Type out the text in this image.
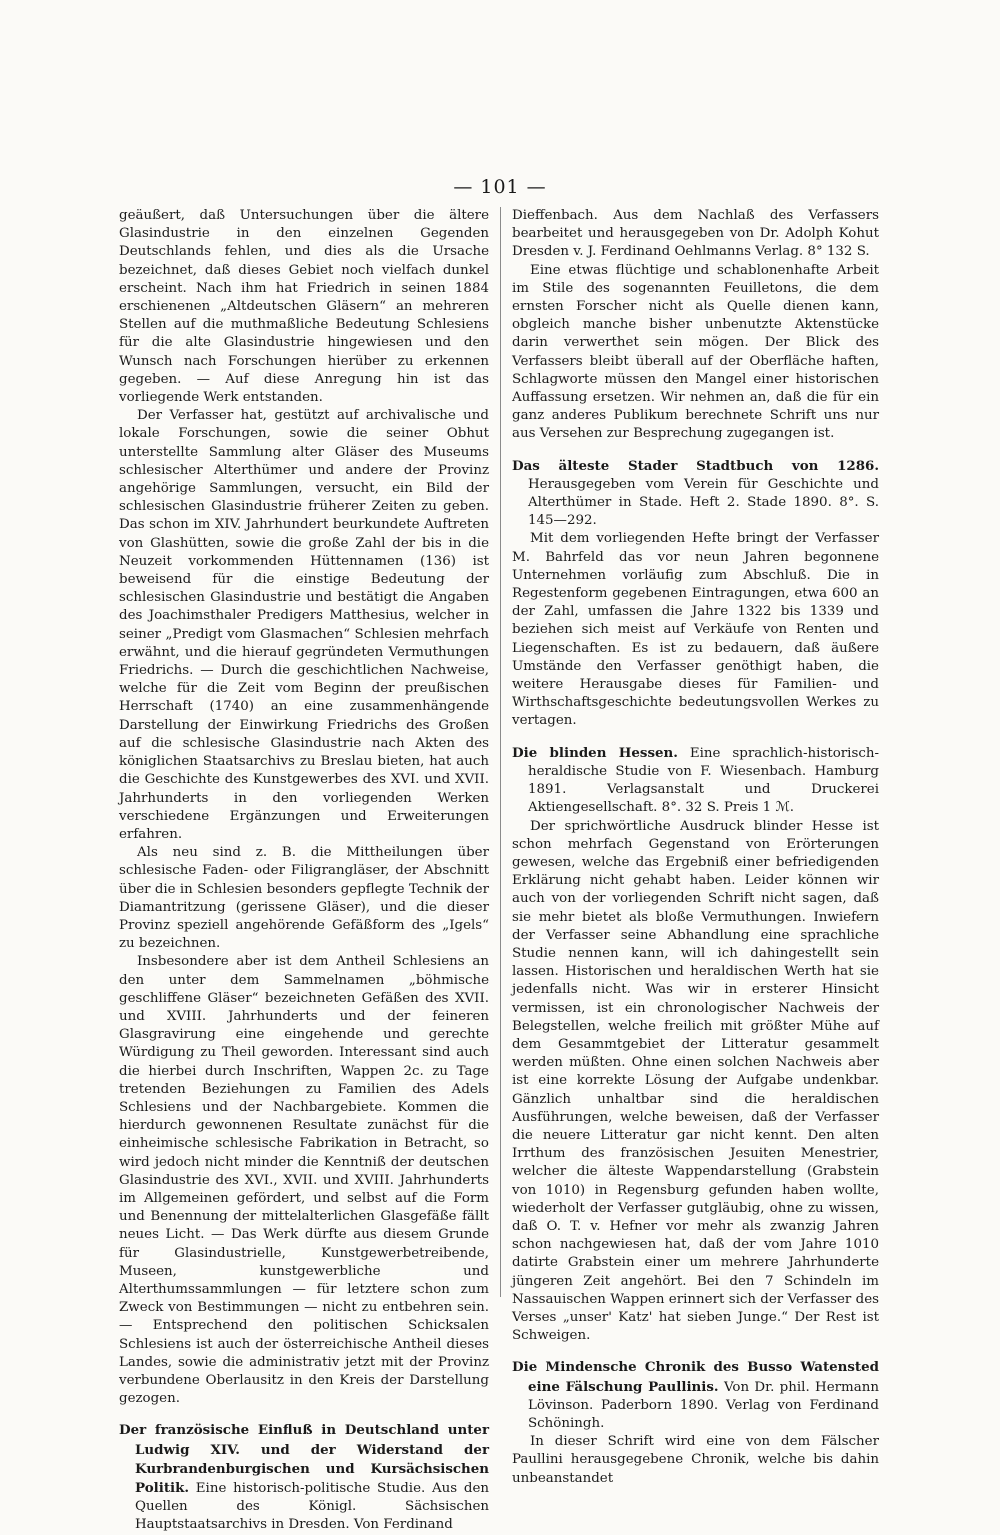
— 101 —

geäußert, daß Untersuchungen über die ältere Glasindustrie in den einzelnen Gegenden Deutschlands fehlen, und dies als die Ursache bezeichnet, daß dieses Gebiet noch vielfach dunkel erscheint. Nach ihm hat Friedrich in seinen 1884 erschienenen „Altdeutschen Gläsern“ an mehreren Stellen auf die muthmaßliche Bedeutung Schlesiens für die alte Glasindustrie hingewiesen und den Wunsch nach Forschungen hierüber zu erkennen gegeben. — Auf diese Anregung hin ist das vorliegende Werk entstanden.

Der Verfasser hat, gestützt auf archivalische und lokale Forschungen, sowie die seiner Obhut unterstellte Sammlung alter Gläser des Museums schlesischer Alterthümer und andere der Provinz angehörige Sammlungen, versucht, ein Bild der schlesischen Glasindustrie früherer Zeiten zu geben. Das schon im XIV. Jahrhundert beurkundete Auftreten von Glashütten, sowie die große Zahl der bis in die Neuzeit vorkommenden Hüttennamen (136) ist beweisend für die einstige Bedeutung der schlesischen Glasindustrie und bestätigt die Angaben des Joachimsthaler Predigers Matthesius, welcher in seiner „Predigt vom Glasmachen“ Schlesien mehrfach erwähnt, und die hierauf gegründeten Vermuthungen Friedrichs. — Durch die geschichtlichen Nachweise, welche für die Zeit vom Beginn der preußischen Herrschaft (1740) an eine zusammenhängende Darstellung der Einwirkung Friedrichs des Großen auf die schlesische Glasindustrie nach Akten des königlichen Staatsarchivs zu Breslau bieten, hat auch die Geschichte des Kunstgewerbes des XVI. und XVII. Jahrhunderts in den vorliegenden Werken verschiedene Ergänzungen und Erweiterungen erfahren.

Als neu sind z. B. die Mittheilungen über schlesische Faden- oder Filigrangläser, der Abschnitt über die in Schlesien besonders gepflegte Technik der Diamantritzung (gerissene Gläser), und die dieser Provinz speziell angehörende Gefäßform des „Igels“ zu bezeichnen.

Insbesondere aber ist dem Antheil Schlesiens an den unter dem Sammelnamen „böhmische geschliffene Gläser“ bezeichneten Gefäßen des XVII. und XVIII. Jahrhunderts und der feineren Glasgravirung eine eingehende und gerechte Würdigung zu Theil geworden. Interessant sind auch die hierbei durch Inschriften, Wappen 2c. zu Tage tretenden Beziehungen zu Familien des Adels Schlesiens und der Nachbargebiete. Kommen die hierdurch gewonnenen Resultate zunächst für die einheimische schlesische Fabrikation in Betracht, so wird jedoch nicht minder die Kenntniß der deutschen Glasindustrie des XVI., XVII. und XVIII. Jahrhunderts im Allgemeinen gefördert, und selbst auf die Form und Benennung der mittelalterlichen Glasgefäße fällt neues Licht. — Das Werk dürfte aus diesem Grunde für Glasindustrielle, Kunstgewerbetreibende, Museen, kunstgewerbliche und Alterthumssammlungen — für letztere schon zum Zweck von Bestimmungen — nicht zu entbehren sein. — Entsprechend den politischen Schicksalen Schlesiens ist auch der österreichische Antheil dieses Landes, sowie die administrativ jetzt mit der Provinz verbundene Oberlausitz in den Kreis der Darstellung gezogen.

Der französische Einfluß in Deutschland unter Ludwig XIV. und der Widerstand der Kurbrandenburgischen und Kursächsischen Politik. Eine historisch-politische Studie. Aus den Quellen des Königl. Sächsischen Hauptstaatsarchivs in Dresden. Von Ferdinand

Dieffenbach. Aus dem Nachlaß des Verfassers bearbeitet und herausgegeben von Dr. Adolph Kohut Dresden v. J. Ferdinand Oehlmanns Verlag. 8° 132 S.

Eine etwas flüchtige und schablonenhafte Arbeit im Stile des sogenannten Feuilletons, die dem ernsten Forscher nicht als Quelle dienen kann, obgleich manche bisher unbenutzte Aktenstücke darin verwerthet sein mögen. Der Blick des Verfassers bleibt überall auf der Oberfläche haften, Schlagworte müssen den Mangel einer historischen Auffassung ersetzen. Wir nehmen an, daß die für ein ganz anderes Publikum berechnete Schrift uns nur aus Versehen zur Besprechung zugegangen ist.

Das älteste Stader Stadtbuch von 1286. Herausgegeben vom Verein für Geschichte und Alterthümer in Stade. Heft 2. Stade 1890. 8°. S. 145—292.

Mit dem vorliegenden Hefte bringt der Verfasser M. Bahrfeld das vor neun Jahren begonnene Unternehmen vorläufig zum Abschluß. Die in Regestenform gegebenen Eintragungen, etwa 600 an der Zahl, umfassen die Jahre 1322 bis 1339 und beziehen sich meist auf Verkäufe von Renten und Liegenschaften. Es ist zu bedauern, daß äußere Umstände den Verfasser genöthigt haben, die weitere Herausgabe dieses für Familien- und Wirthschaftsgeschichte bedeutungsvollen Werkes zu vertagen.

Die blinden Hessen. Eine sprachlich-historisch-heraldische Studie von F. Wiesenbach. Hamburg 1891. Verlagsanstalt und Druckerei Aktiengesellschaft. 8°. 32 S. Preis 1 ℳ.

Der sprichwörtliche Ausdruck blinder Hesse ist schon mehrfach Gegenstand von Erörterungen gewesen, welche das Ergebniß einer befriedigenden Erklärung nicht gehabt haben. Leider können wir auch von der vorliegenden Schrift nicht sagen, daß sie mehr bietet als bloße Vermuthungen. Inwiefern der Verfasser seine Abhandlung eine sprachliche Studie nennen kann, will ich dahingestellt sein lassen. Historischen und heraldischen Werth hat sie jedenfalls nicht. Was wir in ersterer Hinsicht vermissen, ist ein chronologischer Nachweis der Belegstellen, welche freilich mit größter Mühe auf dem Gesammtgebiet der Litteratur gesammelt werden müßten. Ohne einen solchen Nachweis aber ist eine korrekte Lösung der Aufgabe undenkbar. Gänzlich unhaltbar sind die heraldischen Ausführungen, welche beweisen, daß der Verfasser die neuere Litteratur gar nicht kennt. Den alten Irrthum des französischen Jesuiten Menestrier, welcher die älteste Wappendarstellung (Grabstein von 1010) in Regensburg gefunden haben wollte, wiederholt der Verfasser gutgläubig, ohne zu wissen, daß O. T. v. Hefner vor mehr als zwanzig Jahren schon nachgewiesen hat, daß der vom Jahre 1010 datirte Grabstein einer um mehrere Jahrhunderte jüngeren Zeit angehört. Bei den 7 Schindeln im Nassauischen Wappen erinnert sich der Verfasser des Verses „unser' Katz' hat sieben Junge.“ Der Rest ist Schweigen.

Die Mindensche Chronik des Busso Watensted eine Fälschung Paullinis. Von Dr. phil. Hermann Lövinson. Paderborn 1890. Verlag von Ferdinand Schöningh.

In dieser Schrift wird eine von dem Fälscher Paullini herausgegebene Chronik, welche bis dahin unbeanstandet
